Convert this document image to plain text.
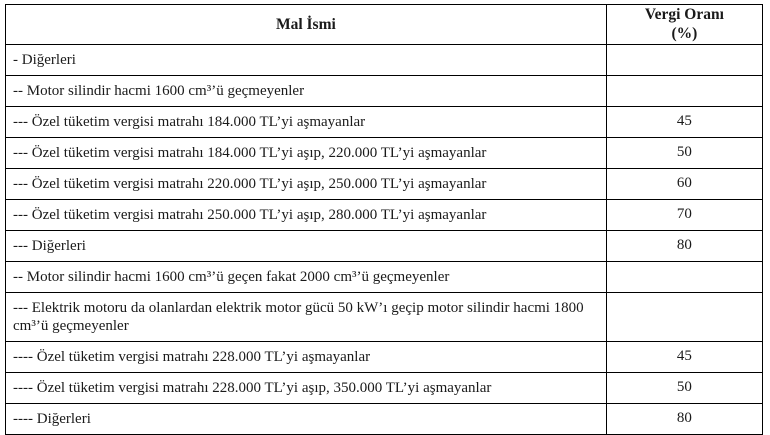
Mal İsmi	Vergi Oranı
(%)

- Diğerleri	
-- Motor silindir hacmi 1600 cm³’ü geçmeyenler	
--- Özel tüketim vergisi matrahı 184.000 TL’yi aşmayanlar	45
--- Özel tüketim vergisi matrahı 184.000 TL’yi aşıp, 220.000 TL’yi aşmayanlar	50
--- Özel tüketim vergisi matrahı 220.000 TL’yi aşıp, 250.000 TL’yi aşmayanlar	60
--- Özel tüketim vergisi matrahı 250.000 TL’yi aşıp, 280.000 TL’yi aşmayanlar	70
--- Diğerleri	80
-- Motor silindir hacmi 1600 cm³’ü geçen fakat 2000 cm³’ü geçmeyenler	
--- Elektrik motoru da olanlardan elektrik motor gücü 50 kW’ı geçip motor silindir hacmi 1800 cm³’ü geçmeyenler	
---- Özel tüketim vergisi matrahı 228.000 TL’yi aşmayanlar	45
---- Özel tüketim vergisi matrahı 228.000 TL’yi aşıp, 350.000 TL’yi aşmayanlar	50
---- Diğerleri	80
